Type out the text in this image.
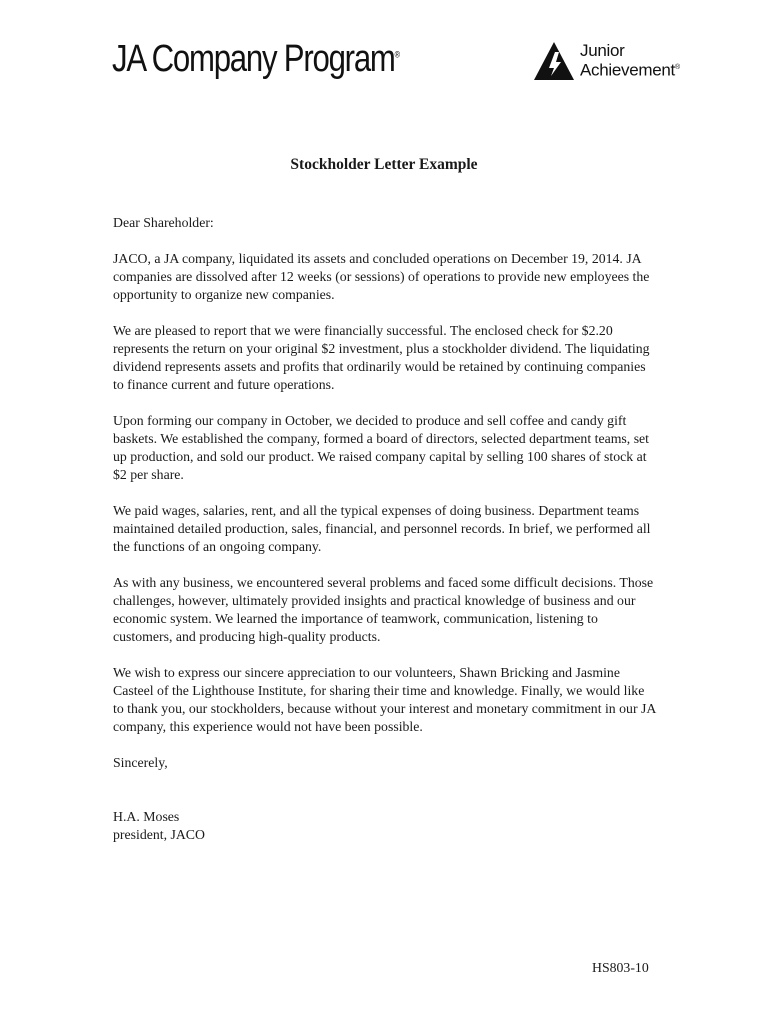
JA Company Program®	Junior
Achievement®
Stockholder Letter Example

Dear Shareholder:

JACO, a JA company, liquidated its assets and concluded operations on December 19, 2014. JA companies are dissolved after 12 weeks (or sessions) of operations to provide new employees the opportunity to organize new companies.

We are pleased to report that we were financially successful. The enclosed check for $2.20 represents the return on your original $2 investment, plus a stockholder dividend. The liquidating dividend represents assets and profits that ordinarily would be retained by continuing companies to finance current and future operations.

Upon forming our company in October, we decided to produce and sell coffee and candy gift baskets. We established the company, formed a board of directors, selected department teams, set up production, and sold our product. We raised company capital by selling 100 shares of stock at $2 per share.

We paid wages, salaries, rent, and all the typical expenses of doing business. Department teams maintained detailed production, sales, financial, and personnel records. In brief, we performed all the functions of an ongoing company.

As with any business, we encountered several problems and faced some difficult decisions. Those challenges, however, ultimately provided insights and practical knowledge of business and our economic system. We learned the importance of teamwork, communication, listening to customers, and producing high-quality products.

We wish to express our sincere appreciation to our volunteers, Shawn Bricking and Jasmine Casteel of the Lighthouse Institute, for sharing their time and knowledge. Finally, we would like to thank you, our stockholders, because without your interest and monetary commitment in our JA company, this experience would not have been possible.

Sincerely,

H.A. Moses

president, JACO

HS803-10
